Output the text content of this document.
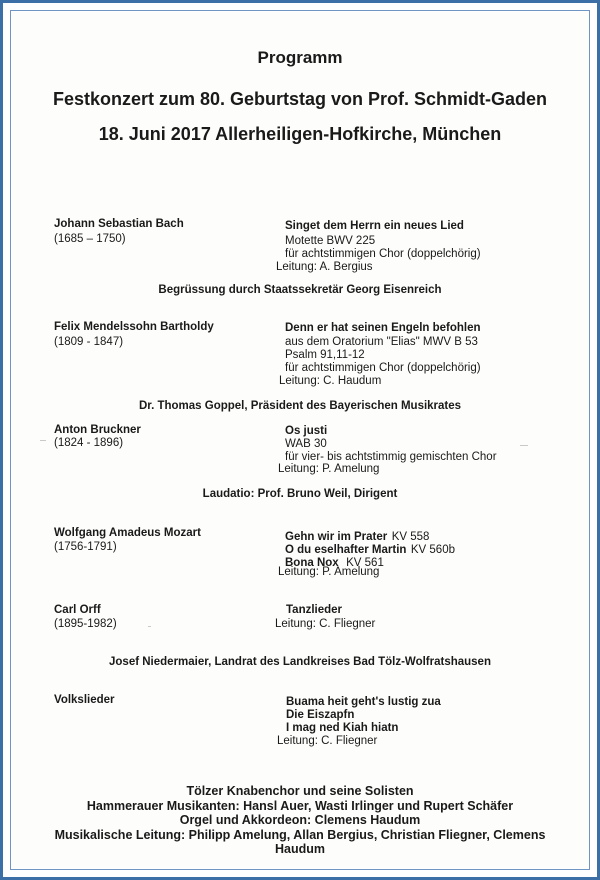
Programm
Festkonzert zum 80. Geburtstag von Prof. Schmidt-Gaden
18. Juni 2017 Allerheiligen-Hofkirche, München
Johann Sebastian Bach
(1685 – 1750)
Singet dem Herrn ein neues Lied
Motette BWV 225
für achtstimmigen Chor (doppelchörig)
Leitung: A. Bergius
Begrüssung durch Staatssekretär Georg Eisenreich
Felix Mendelssohn Bartholdy
(1809 - 1847)
Denn er hat seinen Engeln befohlen
aus dem Oratorium "Elias" MWV B 53
Psalm 91,11-12
für achtstimmigen Chor (doppelchörig)
Leitung: C. Haudum
Dr. Thomas Goppel, Präsident des Bayerischen Musikrates
Anton Bruckner
(1824 - 1896)
Os justi
WAB 30
für vier- bis achtstimmig gemischten Chor
Leitung: P. Amelung
Laudatio: Prof. Bruno Weil, Dirigent
Wolfgang Amadeus Mozart
(1756-1791)
Gehn wir im Prater KV 558
O du eselhafter Martin KV 560b
Bona Nox KV 561
Leitung: P. Amelung
Carl Orff
(1895-1982)
Tanzlieder
Leitung: C. Fliegner
Josef Niedermaier, Landrat des Landkreises Bad Tölz-Wolfratshausen
Volkslieder	Buama heit geht's lustig zua
Die Eiszapfn
I mag ned Kiah hiatn
Leitung: C. Fliegner
Tölzer Knabenchor und seine Solisten
Hammerauer Musikanten: Hansl Auer, Wasti Irlinger und Rupert Schäfer
Orgel und Akkordeon: Clemens Haudum
Musikalische Leitung: Philipp Amelung, Allan Bergius, Christian Fliegner, Clemens
Haudum
